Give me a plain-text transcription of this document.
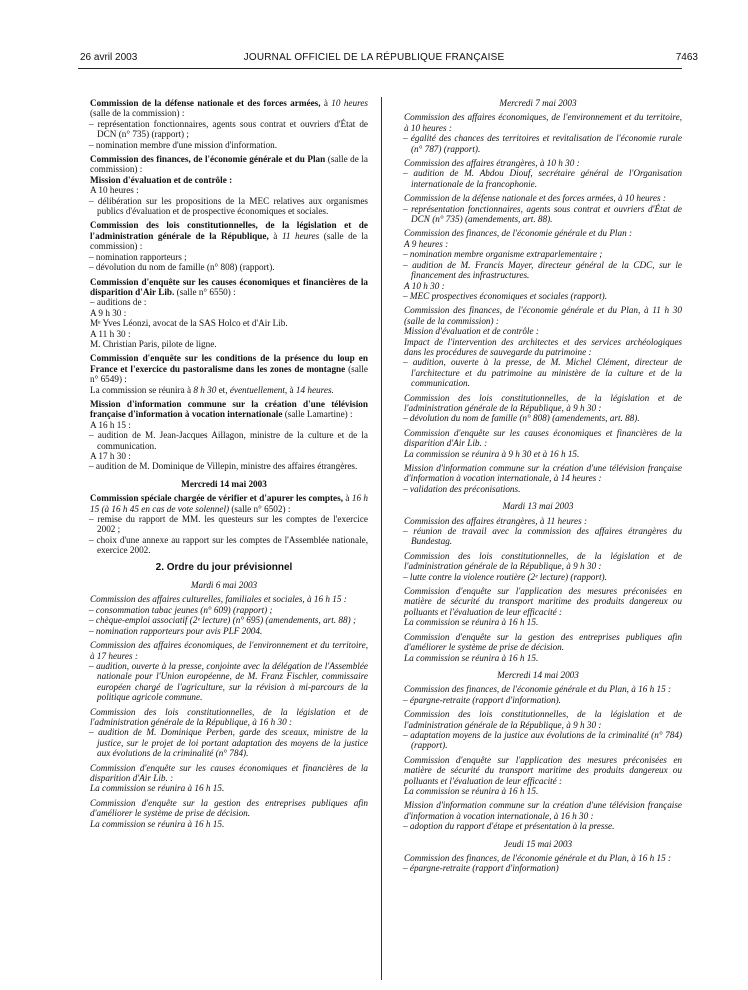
26 avril 2003	JOURNAL OFFICIEL DE LA RÉPUBLIQUE FRANÇAISE	7463

Commission de la défense nationale et des forces armées, à 10 heures (salle de la commission) :

– représentation fonctionnaires, agents sous contrat et ouvriers d'État de DCN (n° 735) (rapport) ;

– nomination membre d'une mission d'information.

Commission des finances, de l'économie générale et du Plan (salle de la commission) :

Mission d'évaluation et de contrôle :

A 10 heures :

– délibération sur les propositions de la MEC relatives aux organismes publics d'évaluation et de prospective économiques et sociales.

Commission des lois constitutionnelles, de la législation et de l'administration générale de la République, à 11 heures (salle de la commission) :

– nomination rapporteurs ;

– dévolution du nom de famille (n° 808) (rapport).

Commission d'enquête sur les causes économiques et financières de la disparition d'Air Lib. (salle n° 6550) :

– auditions de :

A 9 h 30 :

Mᵉ Yves Léonzi, avocat de la SAS Holco et d'Air Lib.

A 11 h 30 :

M. Christian Paris, pilote de ligne.

Commission d'enquête sur les conditions de la présence du loup en France et l'exercice du pastoralisme dans les zones de montagne (salle n° 6549) :

La commission se réunira à 8 h 30 et, éventuellement, à 14 heures.

Mission d'information commune sur la création d'une télévision française d'information à vocation internationale (salle Lamartine) :

A 16 h 15 :

– audition de M. Jean-Jacques Aillagon, ministre de la culture et de la communication.

A 17 h 30 :

– audition de M. Dominique de Villepin, ministre des affaires étrangères.

Mercredi 14 mai 2003

Commission spéciale chargée de vérifier et d'apurer les comptes, à 16 h 15 (à 16 h 45 en cas de vote solennel) (salle n° 6502) :

– remise du rapport de MM. les questeurs sur les comptes de l'exercice 2002 ;

– choix d'une annexe au rapport sur les comptes de l'Assemblée nationale, exercice 2002.

2. Ordre du jour prévisionnel

Mardi 6 mai 2003

Commission des affaires culturelles, familiales et sociales, à 16 h 15 :

– consommation tabac jeunes (n° 609) (rapport) ;

– chèque-emploi associatif (2ᵉ lecture) (n° 695) (amendements, art. 88) ;

– nomination rapporteurs pour avis PLF 2004.

Commission des affaires économiques, de l'environnement et du territoire, à 17 heures :

– audition, ouverte à la presse, conjointe avec la délégation de l'Assemblée nationale pour l'Union européenne, de M. Franz Fischler, commissaire européen chargé de l'agriculture, sur la révision à mi-parcours de la politique agricole commune.

Commission des lois constitutionnelles, de la législation et de l'administration générale de la République, à 16 h 30 :

– audition de M. Dominique Perben, garde des sceaux, ministre de la justice, sur le projet de loi portant adaptation des moyens de la justice aux évolutions de la criminalité (n° 784).

Commission d'enquête sur les causes économiques et financières de la disparition d'Air Lib. :

La commission se réunira à 16 h 15.

Commission d'enquête sur la gestion des entreprises publiques afin d'améliorer le système de prise de décision.

La commission se réunira à 16 h 15.

Mercredi 7 mai 2003

Commission des affaires économiques, de l'environnement et du territoire, à 10 heures :

– égalité des chances des territoires et revitalisation de l'économie rurale (n° 787) (rapport).

Commission des affaires étrangères, à 10 h 30 :

– audition de M. Abdou Diouf, secrétaire général de l'Organisation internationale de la francophonie.

Commission de la défense nationale et des forces armées, à 10 heures :

– représentation fonctionnaires, agents sous contrat et ouvriers d'État de DCN (n° 735) (amendements, art. 88).

Commission des finances, de l'économie générale et du Plan :

A 9 heures :

– nomination membre organisme extraparlementaire ;

– audition de M. Francis Mayer, directeur général de la CDC, sur le financement des infrastructures.

A 10 h 30 :

– MEC prospectives économiques et sociales (rapport).

Commission des finances, de l'économie générale et du Plan, à 11 h 30 (salle de la commission) :

Mission d'évaluation et de contrôle :

Impact de l'intervention des architectes et des services archéologiques dans les procédures de sauvegarde du patrimoine :

– audition, ouverte à la presse, de M. Michel Clément, directeur de l'architecture et du patrimoine au ministère de la culture et de la communication.

Commission des lois constitutionnelles, de la législation et de l'administration générale de la République, à 9 h 30 :

– dévolution du nom de famille (n° 808) (amendements, art. 88).

Commission d'enquête sur les causes économiques et financières de la disparition d'Air Lib. :

La commission se réunira à 9 h 30 et à 16 h 15.

Mission d'information commune sur la création d'une télévision française d'information à vocation internationale, à 14 heures :

– validation des préconisations.

Mardi 13 mai 2003

Commission des affaires étrangères, à 11 heures :

– réunion de travail avec la commission des affaires étrangères du Bundestag.

Commission des lois constitutionnelles, de la législation et de l'administration générale de la République, à 9 h 30 :

– lutte contre la violence routière (2ᵉ lecture) (rapport).

Commission d'enquête sur l'application des mesures préconisées en matière de sécurité du transport maritime des produits dangereux ou polluants et l'évaluation de leur efficacité :

La commission se réunira à 16 h 15.

Commission d'enquête sur la gestion des entreprises publiques afin d'améliorer le système de prise de décision.

La commission se réunira à 16 h 15.

Mercredi 14 mai 2003

Commission des finances, de l'économie générale et du Plan, à 16 h 15 :

– épargne-retraite (rapport d'information).

Commission des lois constitutionnelles, de la législation et de l'administration générale de la République, à 9 h 30 :

– adaptation moyens de la justice aux évolutions de la criminalité (n° 784) (rapport).

Commission d'enquête sur l'application des mesures préconisées en matière de sécurité du transport maritime des produits dangereux ou polluants et l'évaluation de leur efficacité :

La commission se réunira à 16 h 15.

Mission d'information commune sur la création d'une télévision française d'information à vocation internationale, à 16 h 30 :

– adoption du rapport d'étape et présentation à la presse.

Jeudi 15 mai 2003

Commission des finances, de l'économie générale et du Plan, à 16 h 15 :

– épargne-retraite (rapport d'information)
